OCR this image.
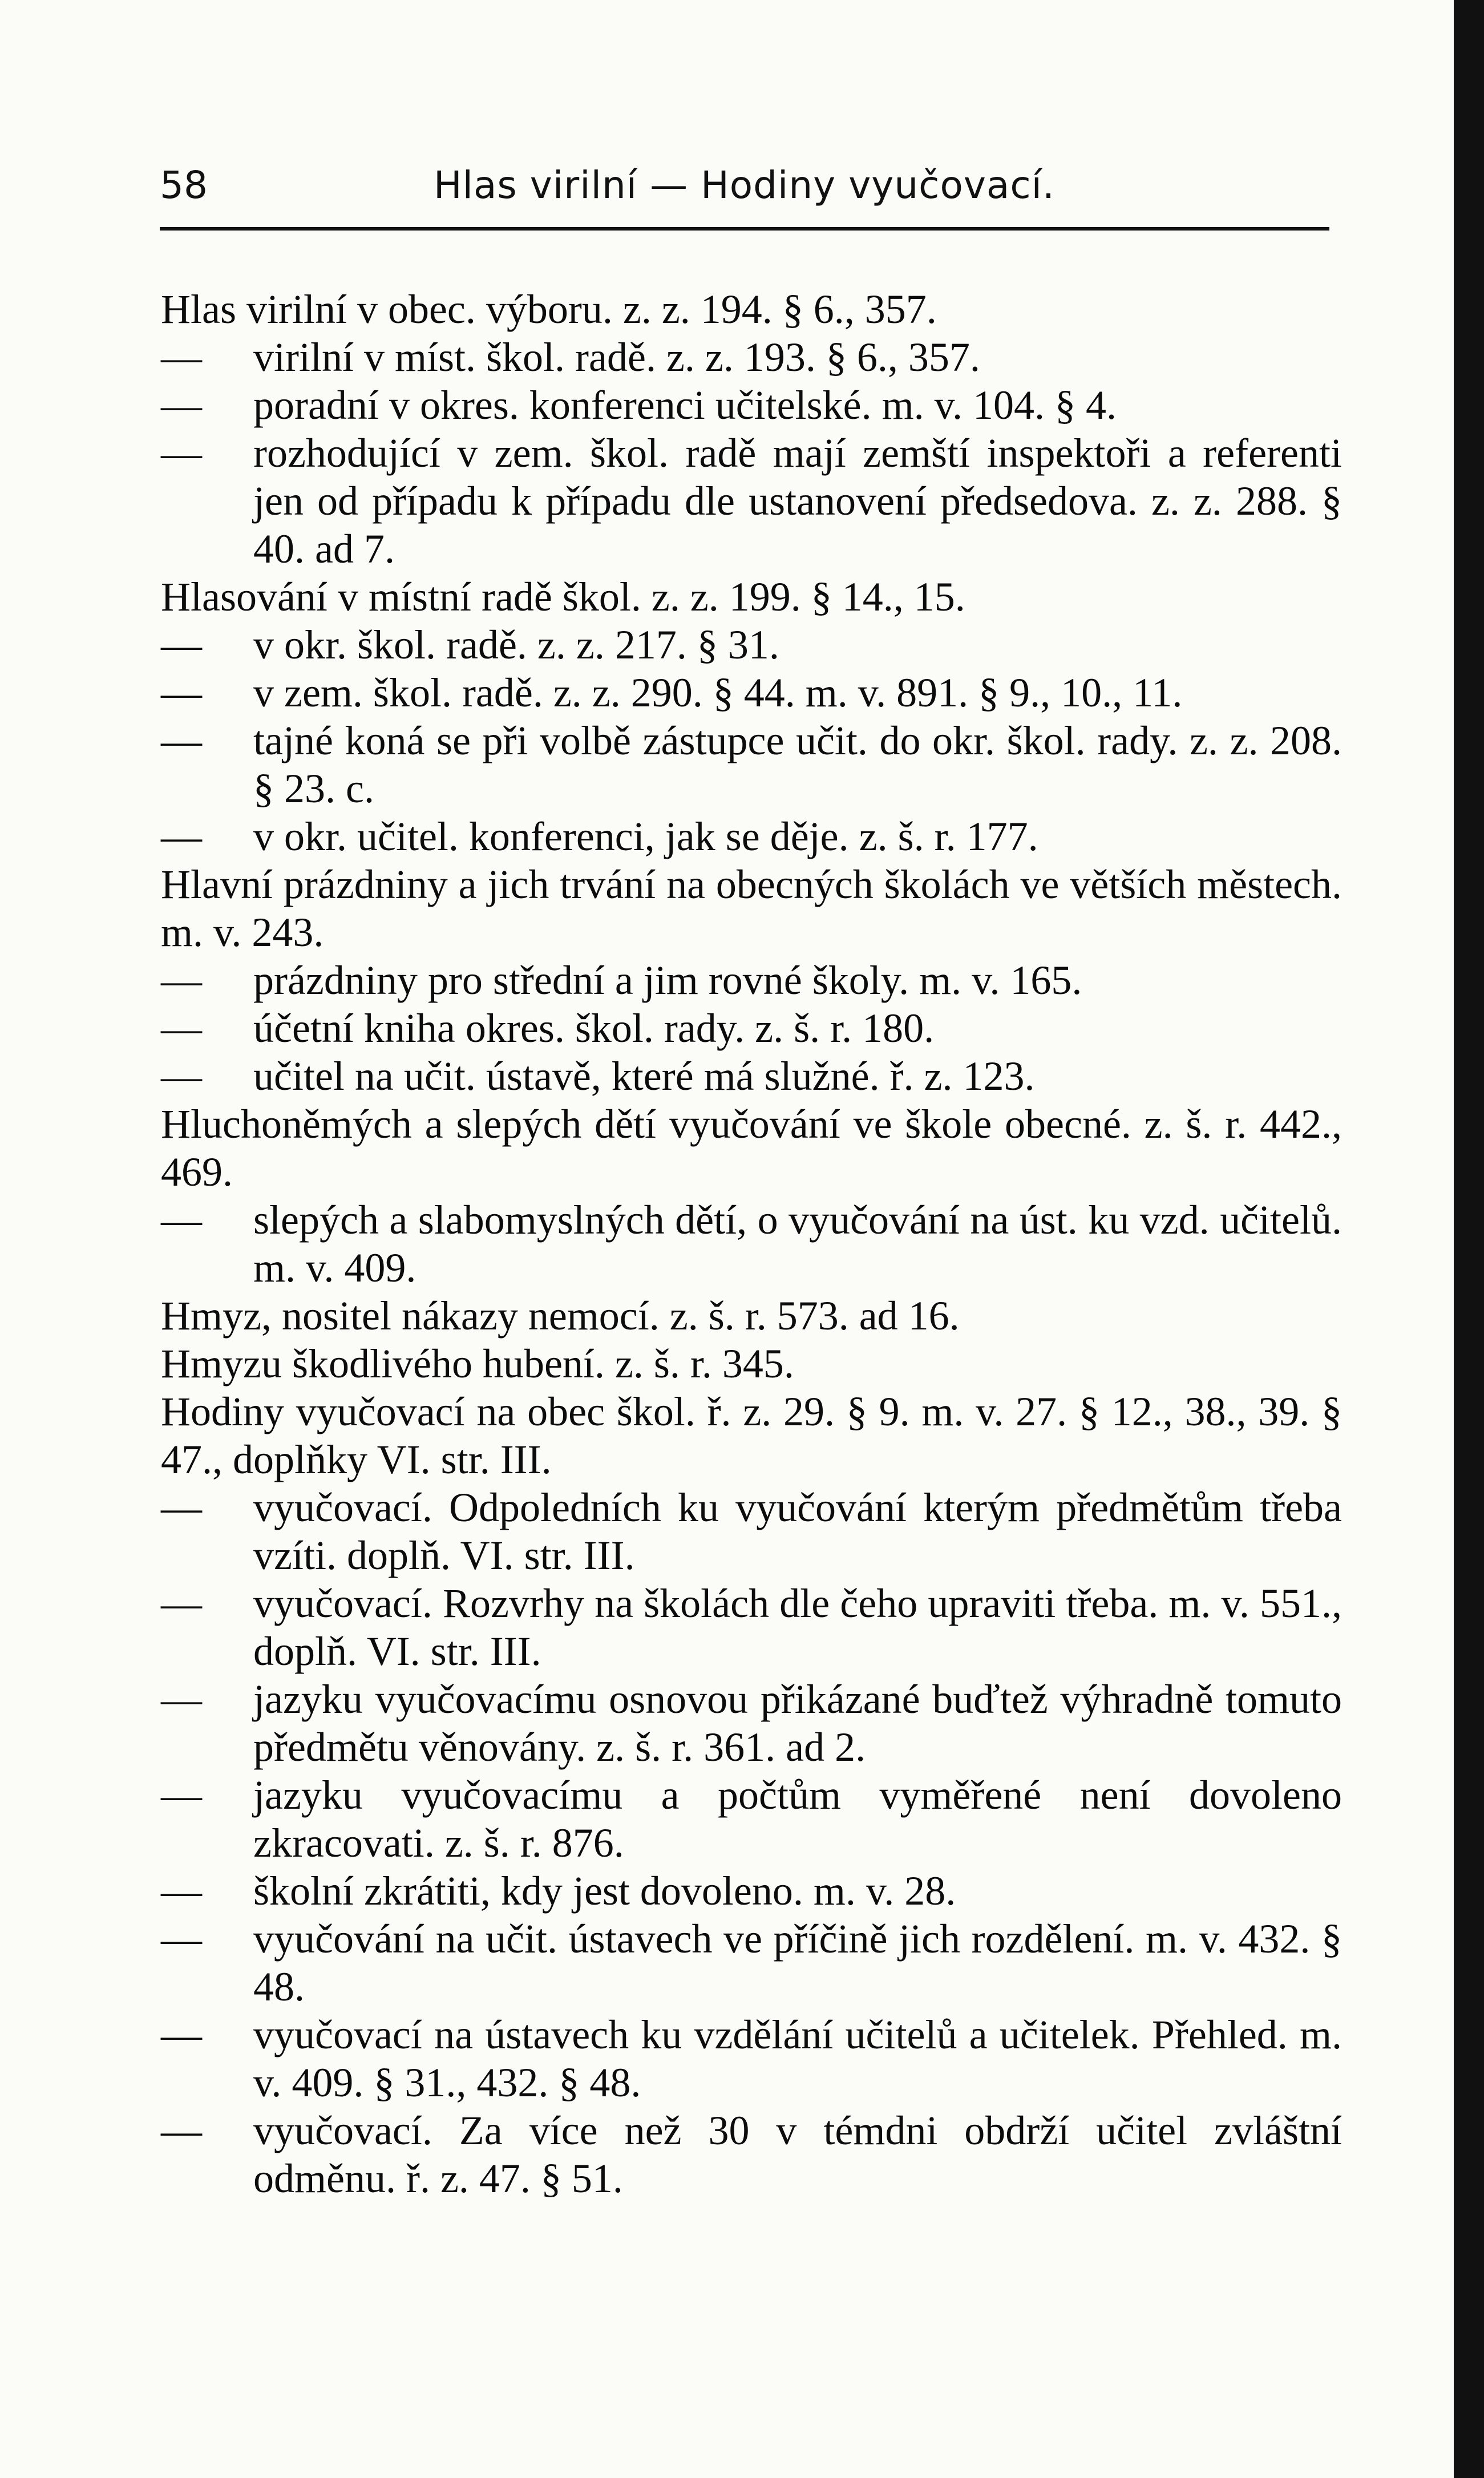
58	Hlas virilní — Hodiny vyučovací.

Hlas virilní v obec. výboru. z. z. 194. § 6., 357.

— virilní v míst. škol. radě. z. z. 193. § 6., 357.

— poradní v okres. konferenci učitelské. m. v. 104. § 4.

— rozhodující v zem. škol. radě mají zemští inspektoři a referenti jen od případu k případu dle ustanovení předsedova. z. z. 288. § 40. ad 7.

Hlasování v místní radě škol. z. z. 199. § 14., 15.

— v okr. škol. radě. z. z. 217. § 31.

— v zem. škol. radě. z. z. 290. § 44. m. v. 891. § 9., 10., 11.

— tajné koná se při volbě zástupce učit. do okr. škol. rady. z. z. 208. § 23. c.

— v okr. učitel. konferenci, jak se děje. z. š. r. 177.

Hlavní prázdniny a jich trvání na obecných školách ve větších městech. m. v. 243.

— prázdniny pro střední a jim rovné školy. m. v. 165.

— účetní kniha okres. škol. rady. z. š. r. 180.

— učitel na učit. ústavě, které má služné. ř. z. 123.

Hluchoněmých a slepých dětí vyučování ve škole obecné. z. š. r. 442., 469.

— slepých a slabomyslných dětí, o vyučování na úst. ku vzd. učitelů. m. v. 409.

Hmyz, nositel nákazy nemocí. z. š. r. 573. ad 16.

Hmyzu škodlivého hubení. z. š. r. 345.

Hodiny vyučovací na obec škol. ř. z. 29. § 9. m. v. 27. § 12., 38., 39. § 47., doplňky VI. str. III.

— vyučovací. Odpoledních ku vyučování kterým předmětům třeba vzíti. doplň. VI. str. III.

— vyučovací. Rozvrhy na školách dle čeho upraviti třeba. m. v. 551., doplň. VI. str. III.

— jazyku vyučovacímu osnovou přikázané buďtež výhradně tomuto předmětu věnovány. z. š. r. 361. ad 2.

— jazyku vyučovacímu a počtům vyměřené není dovoleno zkracovati. z. š. r. 876.

— školní zkrátiti, kdy jest dovoleno. m. v. 28.

— vyučování na učit. ústavech ve příčině jich rozdělení. m. v. 432. § 48.

— vyučovací na ústavech ku vzdělání učitelů a učitelek. Přehled. m. v. 409. § 31., 432. § 48.

— vyučovací. Za více než 30 v témdni obdrží učitel zvláštní odměnu. ř. z. 47. § 51.
